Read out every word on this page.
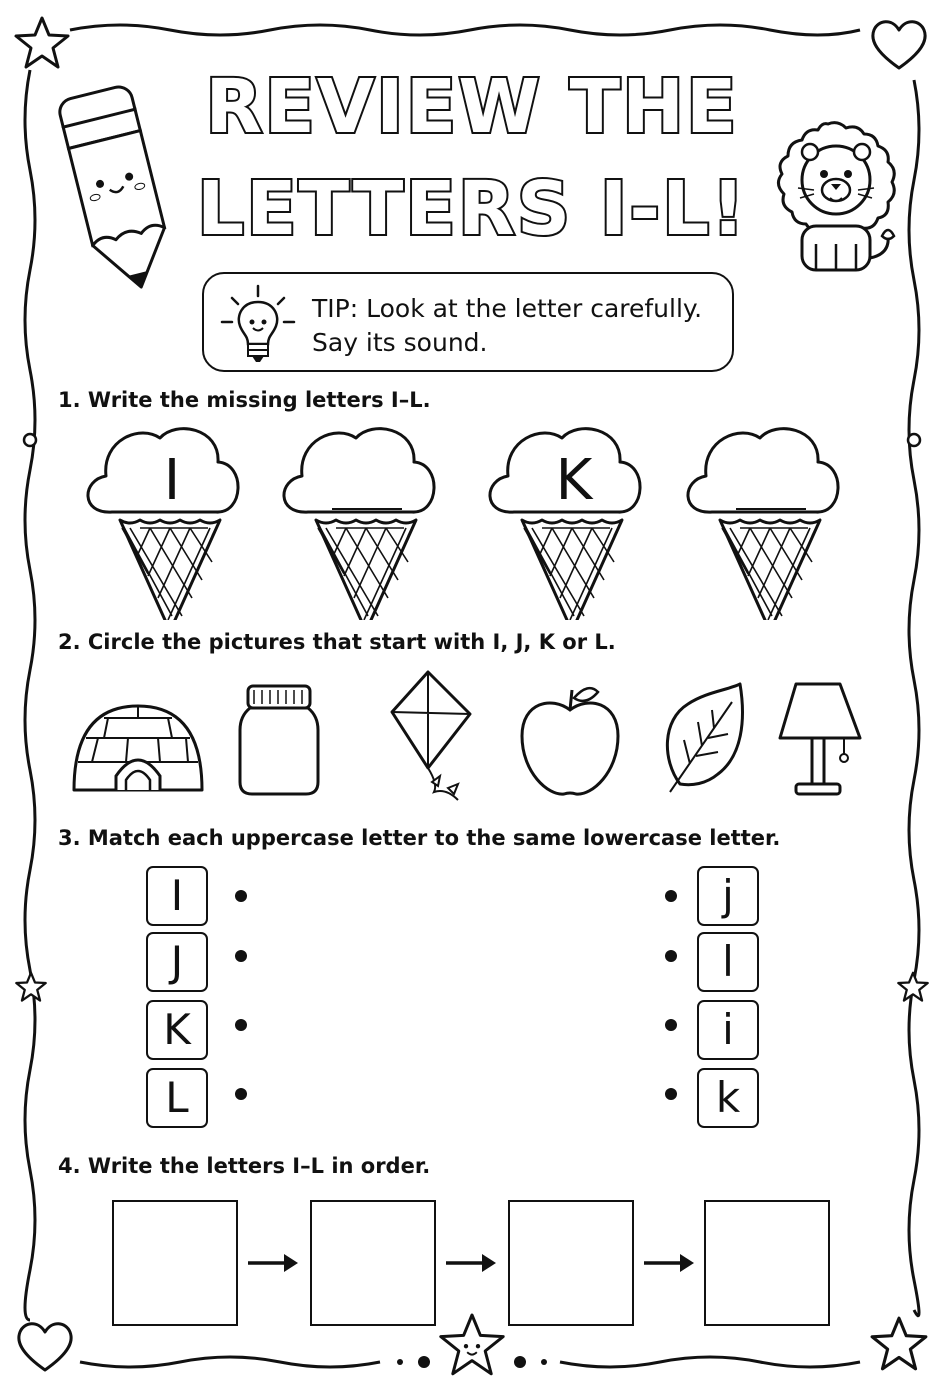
REVIEW THE
LETTERS I-L!
TIP: Look at the letter carefully.
Say its sound.
1. Write the missing letters I–L.
I	K
2. Circle the pictures that start with I, J, K or L.
3. Match each uppercase letter to the same lowercase letter.
I
J
K
L
j
l
i
k
4. Write the letters I–L in order.
